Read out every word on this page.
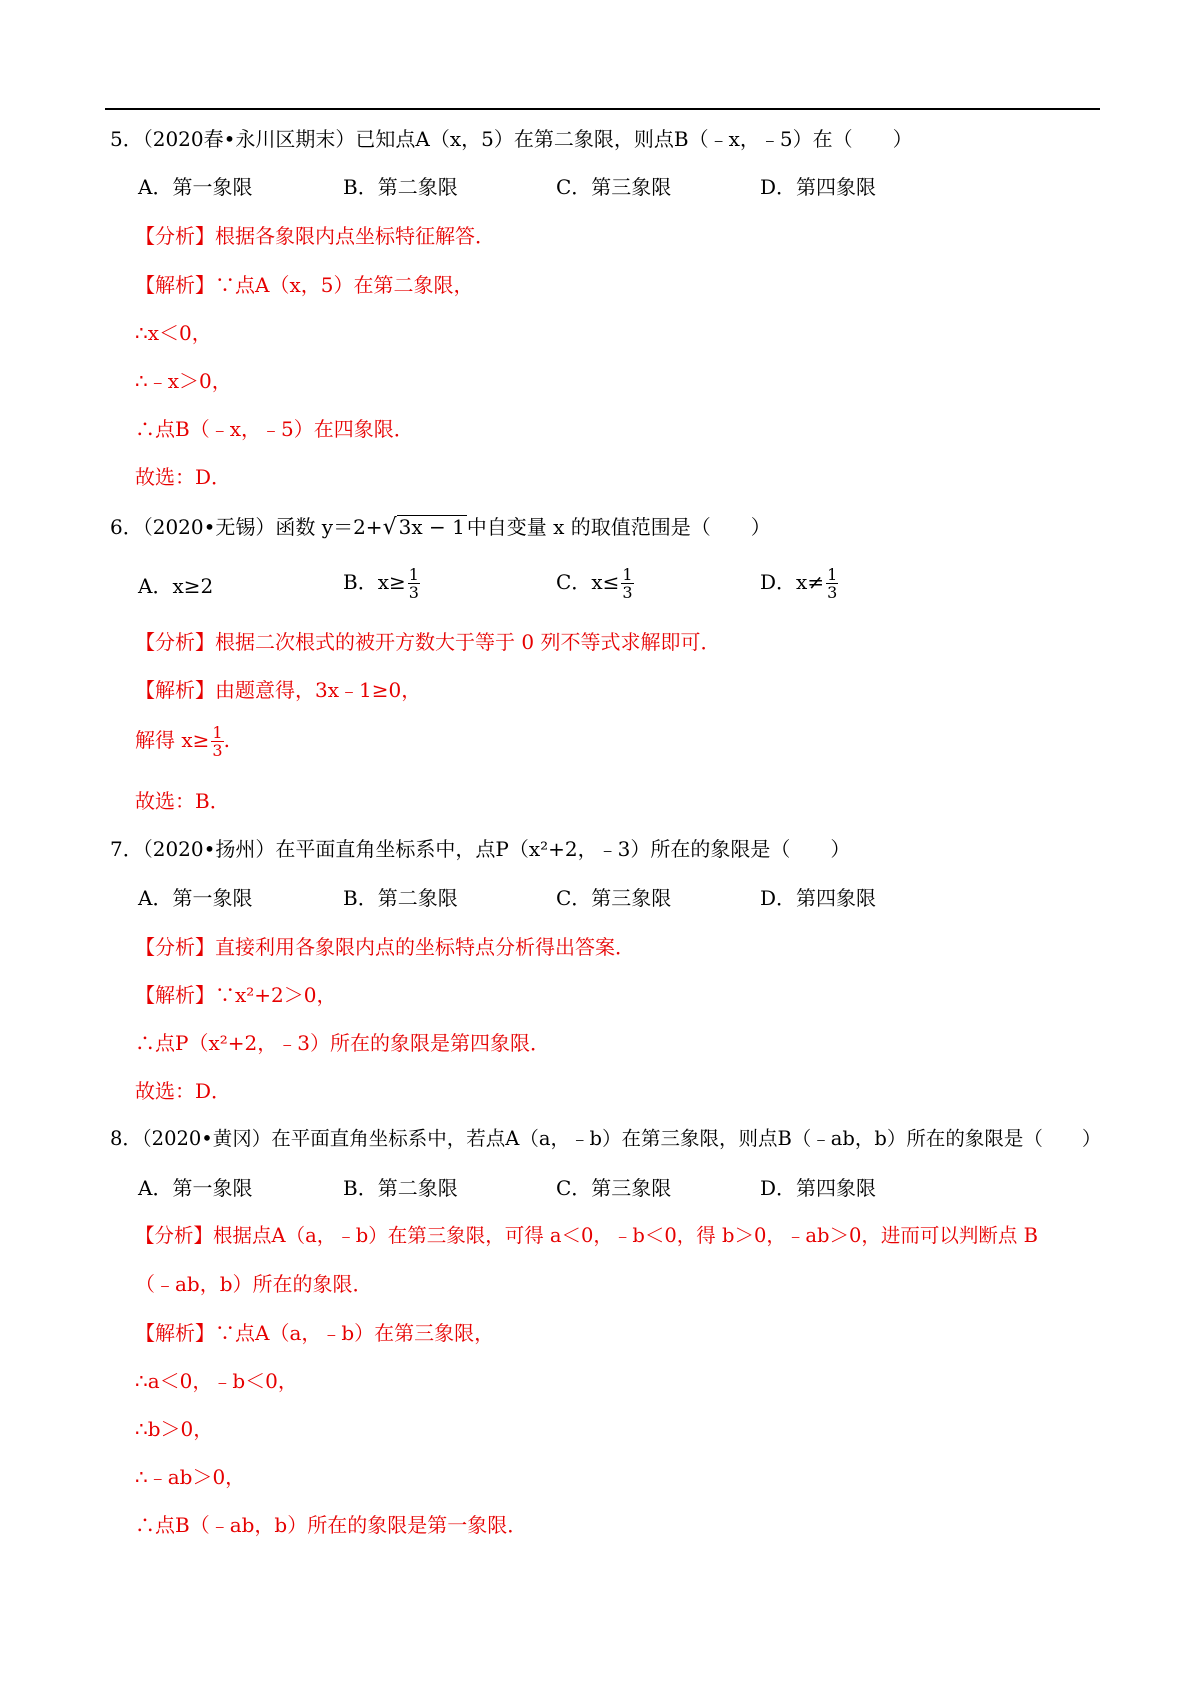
5．（2020春•永川区期末）已知点A（x，5）在第二象限，则点B（﹣x，﹣5）在（　　）
A．第一象限	B．第二象限	C．第三象限	D．第四象限
【分析】根据各象限内点坐标特征解答．
【解析】∵点A（x，5）在第二象限，
∴x＜0，
∴﹣x＞0，
∴点B（﹣x，﹣5）在四象限．
故选：D．
6．（2020•无锡）函数 y＝2+√ 3x − 1 中自变量 x 的取值范围是（　　）
A．x≥2	B．$x\ge \frac{1}{3}$	C．$x\le \frac{1}{3}$	D．$x\ne \frac{1}{3}$
【分析】根据二次根式的被开方数大于等于 0 列不等式求解即可．
【解析】由题意得，3x﹣1≥0，
解得 $x\ge \frac{1}{3}$ .
故选：B．
7．（2020•扬州）在平面直角坐标系中，点P（x²+2，﹣3）所在的象限是（　　）
A．第一象限	B．第二象限	C．第三象限	D．第四象限
【分析】直接利用各象限内点的坐标特点分析得出答案．
【解析】∵x²+2＞0，
∴点P（x²+2，﹣3）所在的象限是第四象限．
故选：D．
8．（2020•黄冈）在平面直角坐标系中，若点A（a，﹣b）在第三象限，则点B（﹣ab，b）所在的象限是（　　）
A．第一象限	B．第二象限	C．第三象限	D．第四象限
【分析】根据点A（a，﹣b）在第三象限，可得 a＜0，﹣b＜0，得 b＞0，﹣ab＞0，进而可以判断点 B
（﹣ab，b）所在的象限．
【解析】∵点A（a，﹣b）在第三象限，
∴a＜0，﹣b＜0，
∴b＞0，
∴﹣ab＞0，
∴点B（﹣ab，b）所在的象限是第一象限．
